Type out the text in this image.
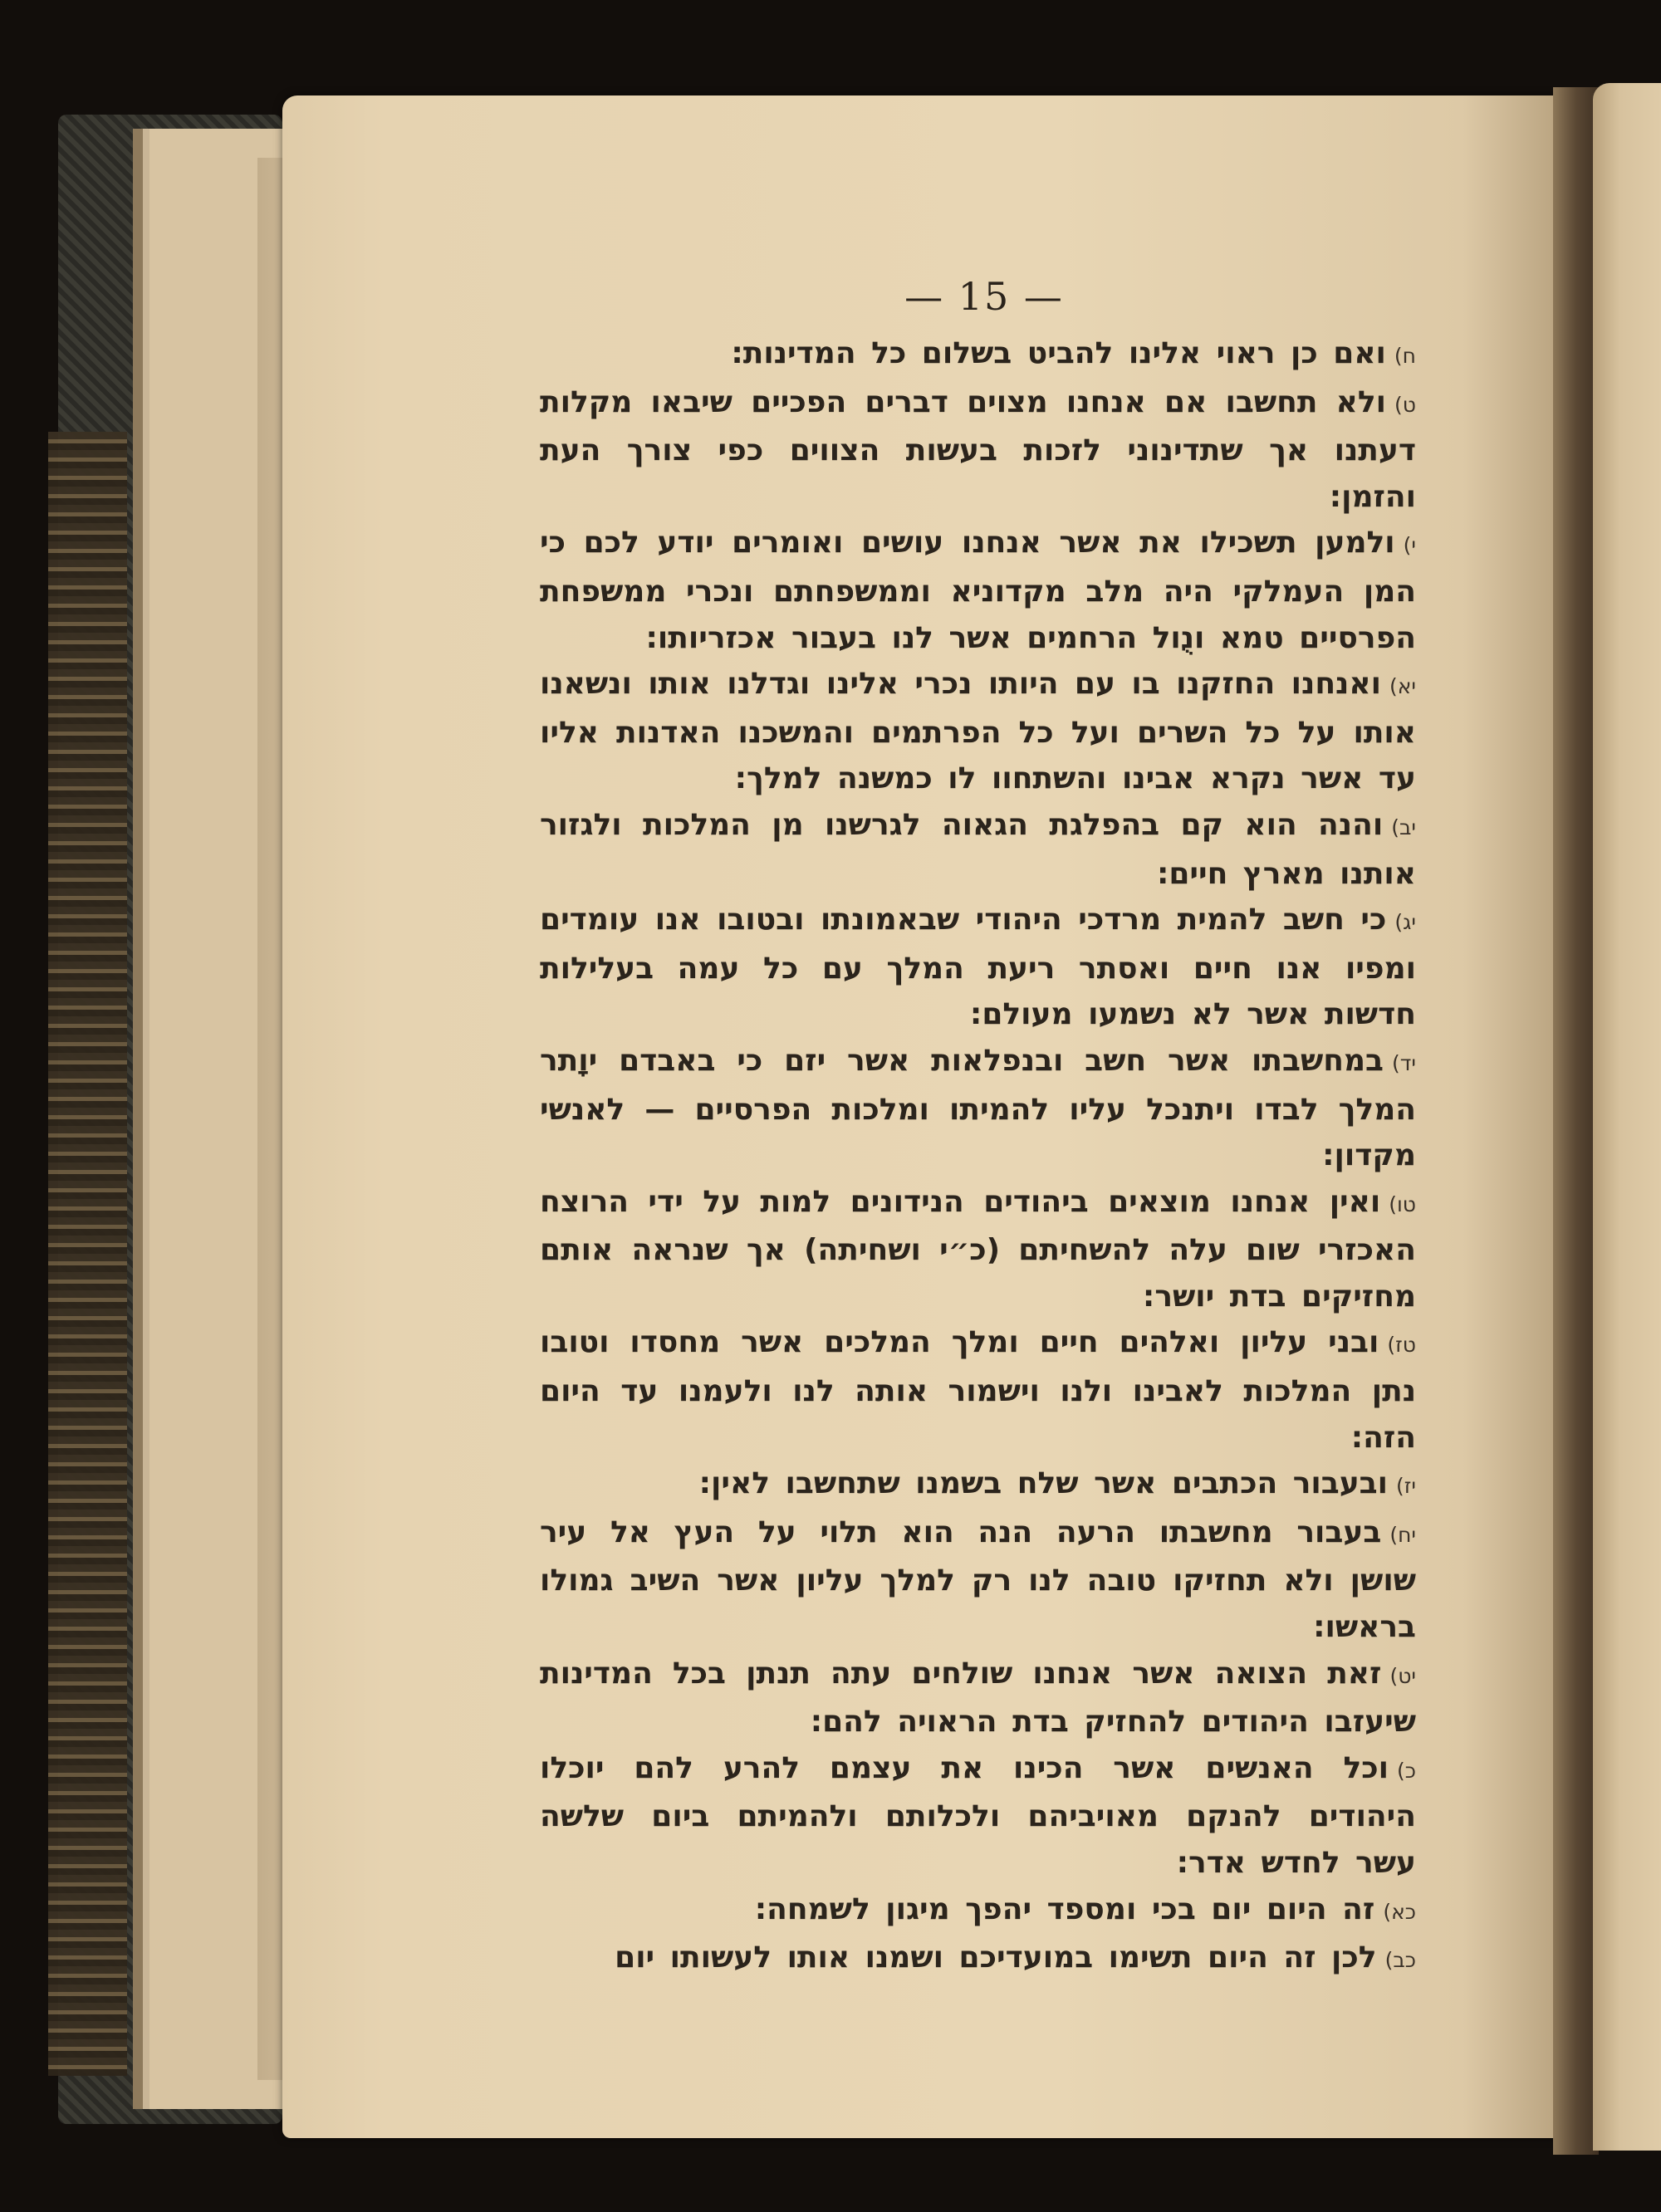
— 15 —

ח)ואם כן ראוי אלינו להביט בשלום כל המדינות:

ט)ולא תחשבו אם אנחנו מצוים דברים הפכיים שיבאו מקלות דעתנו אך שתדינוני לזכות בעשות הצווים כפי צורך העת והזמן:

י)ולמען תשכילו את אשר אנחנו עושים ואומרים יודע לכם כי המן העמלקי היה מלב מקדוניא וממשפחתם ונכרי ממשפחת הפרסיים טמא ונֻול הרחמים אשר לנו בעבור אכזריותו:

יא)ואנחנו החזקנו בו עם היותו נכרי אלינו וגדלנו אותו ונשאנו אותו על כל השרים ועל כל הפרתמים והמשכנו האדנות אליו עד אשר נקרא אבינו והשתחוו לו כמשנה למלך:

יב)והנה הוא קם בהפלגת הגאוה לגרשנו מן המלכות ולגזור אותנו מארץ חיים:

יג)כי חשב להמית מרדכי היהודי שבאמונתו ובטובו אנו עומדים ומפיו אנו חיים ואסתר ריעת המלך עם כל עמה בעלילות חדשות אשר לא נשמעו מעולם:

יד)במחשבתו אשר חשב ובנפלאות אשר יזם כי באבדם יוָתר המלך לבדו ויתנכל עליו להמיתו ומלכות הפרסיים — לאנשי מקדון:

טו)ואין אנחנו מוצאים ביהודים הנידונים למות על ידי הרוצח האכזרי שום עלה להשחיתם (כ״י ושחיתה) אך שנראה אותם מחזיקים בדת יושר:

טז)ובני עליון ואלהים חיים ומלך המלכים אשר מחסדו וטובו נתן המלכות לאבינו ולנו וישמור אותה לנו ולעמנו עד היום הזה:

יז)ובעבור הכתבים אשר שלח בשמנו שתחשבו לאין:

יח)בעבור מחשבתו הרעה הנה הוא תלוי על העץ אל עיר שושן ולא תחזיקו טובה לנו רק למלך עליון אשר השיב גמולו בראשו:

יט)זאת הצואה אשר אנחנו שולחים עתה תנתן בכל המדינות שיעזבו היהודים להחזיק בדת הראויה להם:

כ)וכל האנשים אשר הכינו את עצמם להרע להם יוכלו היהודים להנקם מאויביהם ולכלותם ולהמיתם ביום שלשה עשר לחדש אדר:

כא)זה היום יום בכי ומספד יהפך מיגון לשמחה:

כב)לכן זה היום תשימו במועדיכם ושמנו אותו לעשותו יום
